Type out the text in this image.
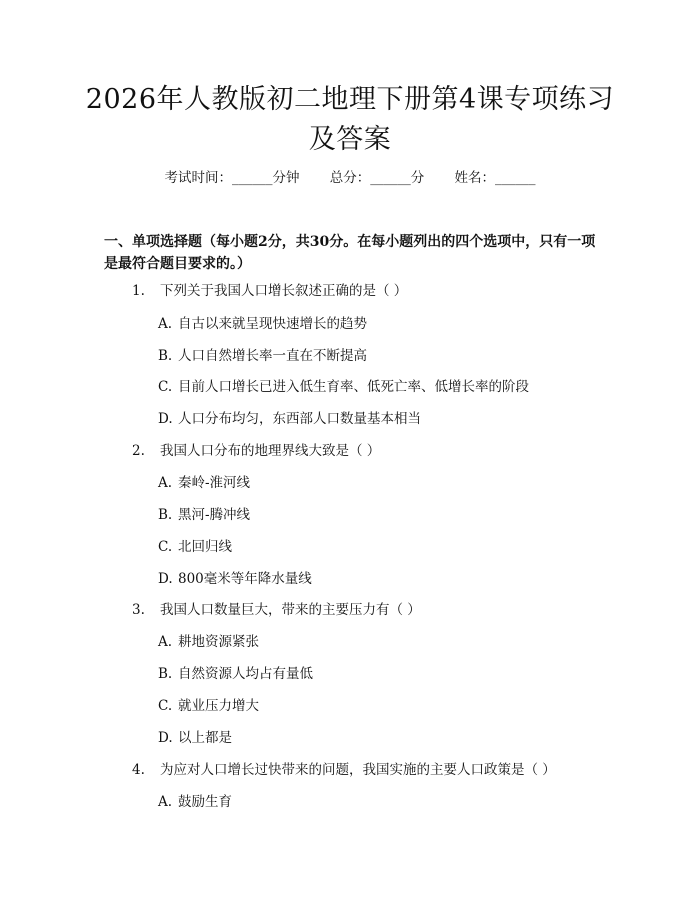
2026年人教版初二地理下册第4课专项练习
及答案
考试时间：______分钟 总分：______分 姓名：______
一、单项选择题（每小题2分，共30分。在每小题列出的四个选项中，只有一项
是最符合题目要求的。）
1. 下列关于我国人口增长叙述正确的是（ ）
A. 自古以来就呈现快速增长的趋势
B. 人口自然增长率一直在不断提高
C. 目前人口增长已进入低生育率、低死亡率、低增长率的阶段
D. 人口分布均匀，东西部人口数量基本相当
2. 我国人口分布的地理界线大致是（ ）
A. 秦岭-淮河线
B. 黑河-腾冲线
C. 北回归线
D. 800毫米等年降水量线
3. 我国人口数量巨大，带来的主要压力有（ ）
A. 耕地资源紧张
B. 自然资源人均占有量低
C. 就业压力增大
D. 以上都是
4. 为应对人口增长过快带来的问题，我国实施的主要人口政策是（ ）
A. 鼓励生育
